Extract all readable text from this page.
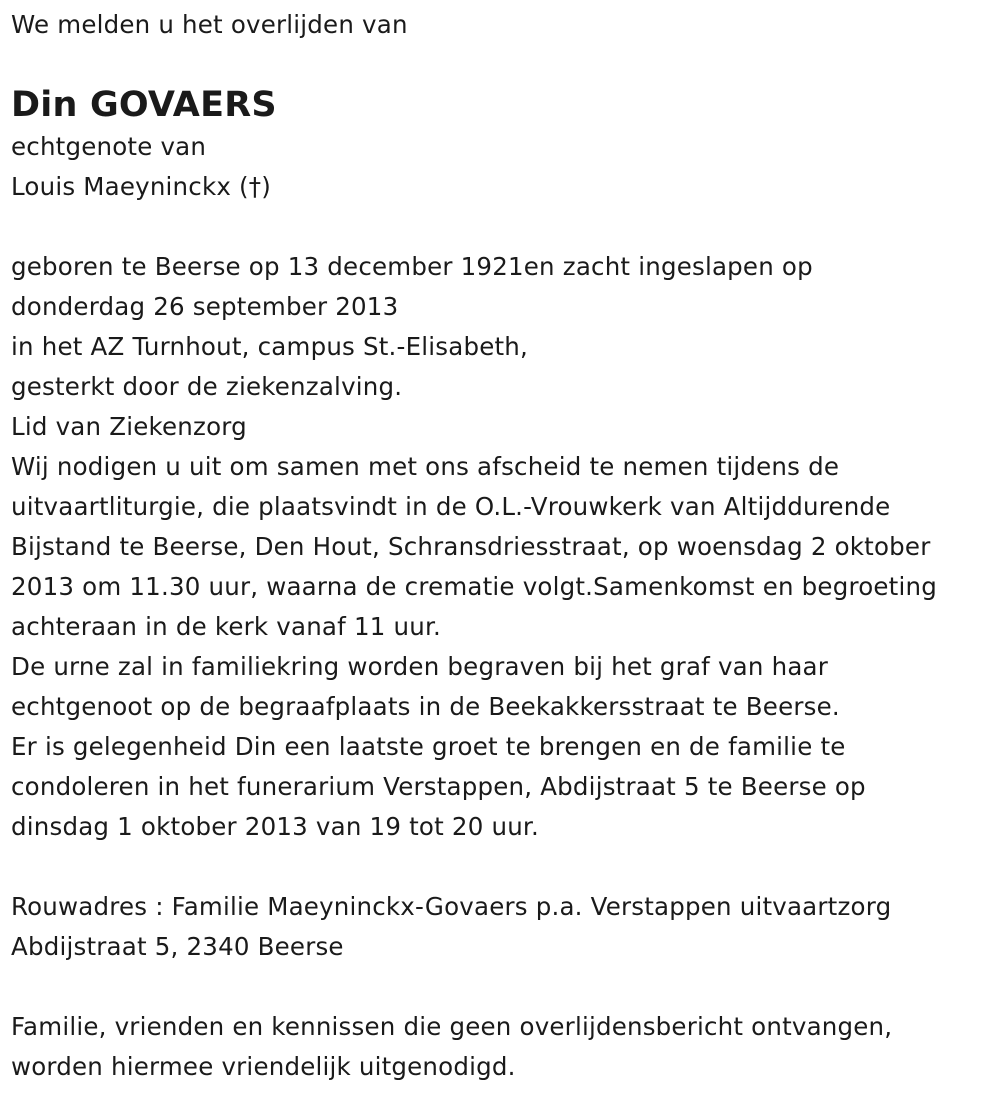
We melden u het overlijden van
Din GOVAERS
echtgenote van
Louis Maeyninckx (†)
geboren te Beerse op 13 december 1921en zacht ingeslapen op
donderdag 26 september 2013
in het AZ Turnhout, campus St.-Elisabeth,
gesterkt door de ziekenzalving.
Lid van Ziekenzorg
Wij nodigen u uit om samen met ons afscheid te nemen tijdens de
uitvaartliturgie, die plaatsvindt in de O.L.-Vrouwkerk van Altijddurende
Bijstand te Beerse, Den Hout, Schransdriesstraat, op woensdag 2 oktober
2013 om 11.30 uur, waarna de crematie volgt.Samenkomst en begroeting
achteraan in de kerk vanaf 11 uur.
De urne zal in familiekring worden begraven bij het graf van haar
echtgenoot op de begraafplaats in de Beekakkersstraat te Beerse.
Er is gelegenheid Din een laatste groet te brengen en de familie te
condoleren in het funerarium Verstappen, Abdijstraat 5 te Beerse op
dinsdag 1 oktober 2013 van 19 tot 20 uur.
Rouwadres : Familie Maeyninckx-Govaers p.a. Verstappen uitvaartzorg
Abdijstraat 5, 2340 Beerse
Familie, vrienden en kennissen die geen overlijdensbericht ontvangen,
worden hiermee vriendelijk uitgenodigd.
